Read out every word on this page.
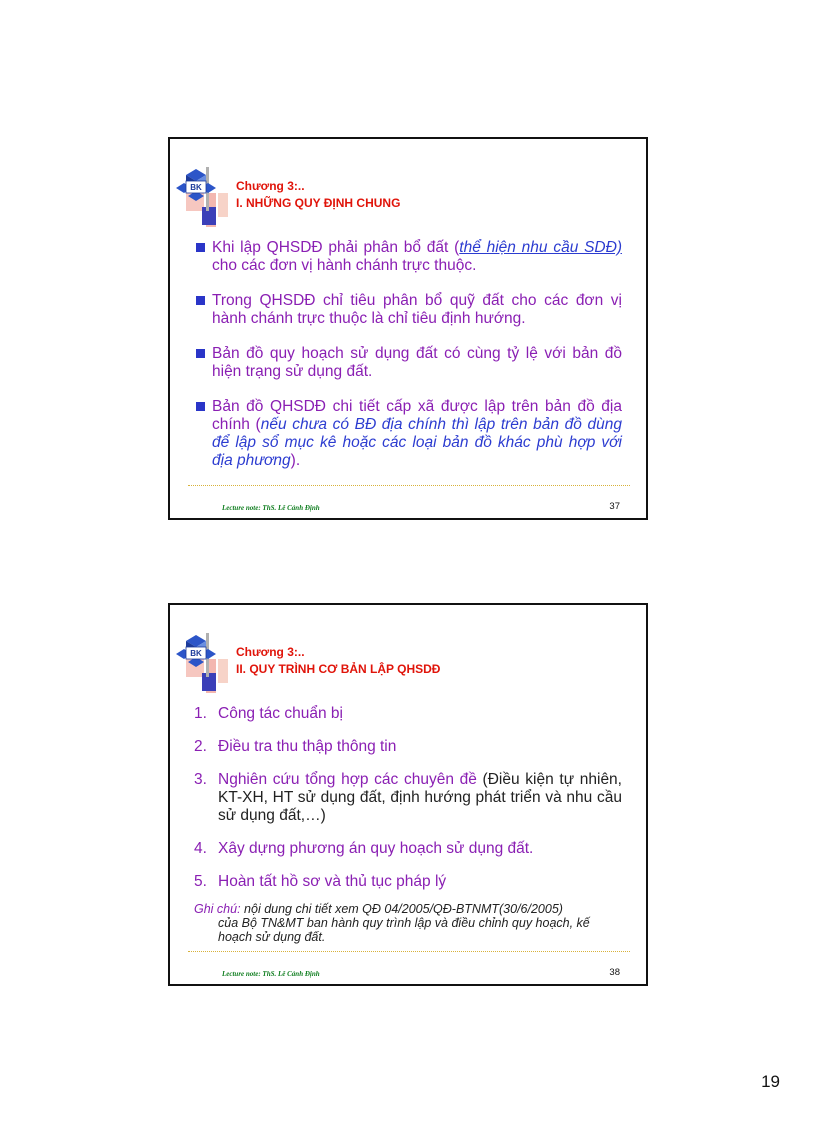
BK	Chương 3:..
I. NHỮNG QUY ĐỊNH CHUNG
Khi lập QHSDĐ phải phân bổ đất (thể hiện nhu cầu SDĐ) cho các đơn vị hành chánh trực thuộc.
Trong QHSDĐ chỉ tiêu phân bổ quỹ đất cho các đơn vị hành chánh trực thuộc là chỉ tiêu định hướng.
Bản đồ quy hoạch sử dụng đất có cùng tỷ lệ với bản đồ hiện trạng sử dụng đất.
Bản đồ QHSDĐ chi tiết cấp xã được lập trên bản đồ địa chính (nếu chưa có BĐ địa chính thì lập trên bản đồ dùng để lập sổ mục kê hoặc các loại bản đồ khác phù hợp với địa phương).
Lecture note: ThS. Lê Cảnh Định	37
BK	Chương 3:..
II. QUY TRÌNH CƠ BẢN LẬP QHSDĐ
1. Công tác chuẩn bị
2. Điều tra thu thập thông tin
3. Nghiên cứu tổng hợp các chuyên đề (Điều kiện tự nhiên, KT-XH, HT sử dụng đất, định hướng phát triển và nhu cầu sử dụng đất,…)
4. Xây dựng phương án quy hoạch sử dụng đất.
5. Hoàn tất hồ sơ và thủ tục pháp lý
Ghi chú: nội dung chi tiết xem QĐ 04/2005/QĐ-BTNMT(30/6/2005)
của Bộ TN&MT ban hành quy trình lập và điều chỉnh quy hoạch, kế hoạch sử dụng đất.
Lecture note: ThS. Lê Cảnh Định	38
19
